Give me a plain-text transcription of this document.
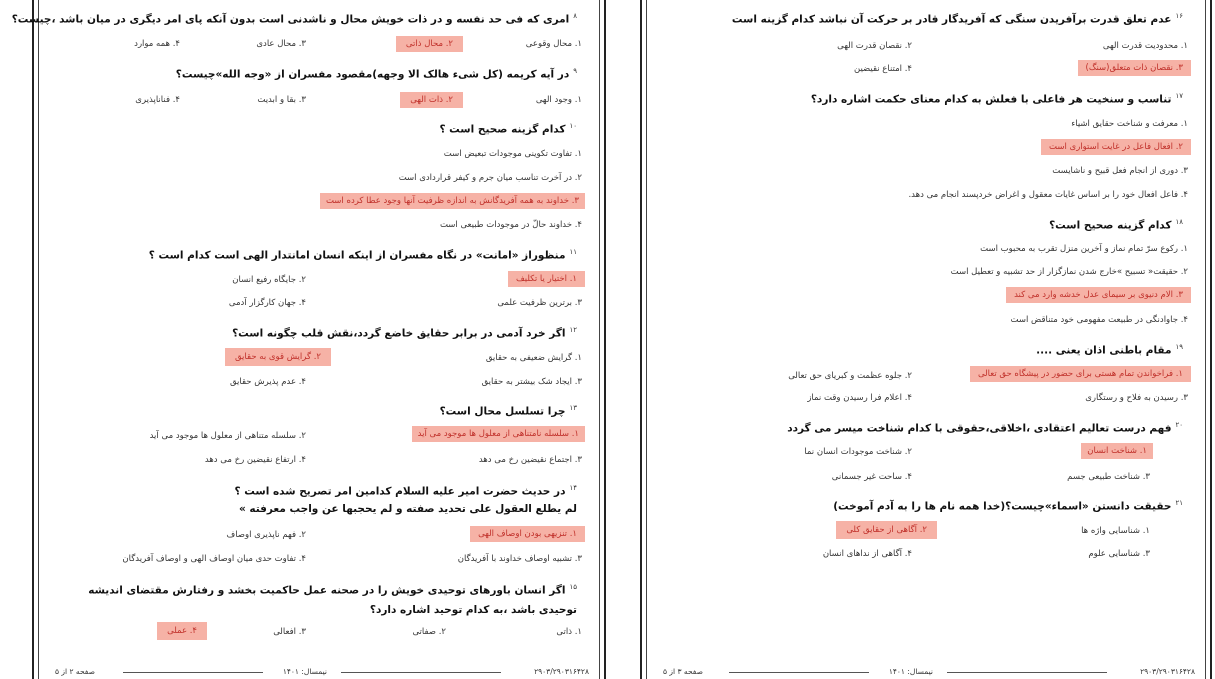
$^۸$امری که فی حد نفسه و در ذات خویش محال و ناشدنی است بدون آنکه پای امر دیگری در میان باشد ،چیست؟
۱. محال وقوعی
۲. محال ذاتی
۳. محال عادی
۴. همه موارد
$^۹$در آیه کریمه (کل شیء هالک الا وجهه)مقصود مفسران از «وجه الله»چیست؟
۱. وجود الهی
۲. ذات الهی
۳. بقا و ابدیت
۴. فناناپذیری
$^{۱۰}$کدام گزینه صحیح است ؟
۱. تفاوت تکوینی موجودات تبعیض است
۲. در آخرت تناسب میان جرم و کیفر قراردادی است
۳. خداوند به همه آفریدگانش به اندازه ظرفیت آنها وجود عطا کرده است
۴. خداوند حالّ در موجودات طبیعی است
$^{۱۱}$منظوراز «امانت» در نگاه مفسران از اینکه انسان امانتدار الهی است کدام است ؟
۱. اختیار یا تکلیف
۲. جایگاه رفیع انسان
۳. برترین ظرفیت علمی
۴. جهان کارگزار آدمی
$^{۱۲}$اگر خرد آدمی در برابر حقایق خاضع گردد،نقش قلب چگونه است؟
۱. گرایش ضعیفی به حقایق
۲. گرایش قوی به حقایق
۳. ایجاد شک بیشتر به حقایق
۴. عدم پذیرش حقایق
$^{۱۳}$چرا تسلسل محال است؟
۱. سلسله نامتناهی از معلول ها موجود می آید
۲. سلسله متناهی از معلول ها موجود می آید
۳. اجتماع نقیضین رخ می دهد
۴. ارتفاع نقیضین رخ می دهد
$^{۱۴}$در حدیث حضرت امیر علیه السلام کدامین امر تصریح شده است ؟
لم یطلع العقول علی تحدید صفته و لم یحجبها عن واجب معرفته »
۱. تنزیهی بودن اوصاف الهی
۲. فهم ناپذیری اوصاف
۳. تشبیه اوصاف خداوند با آفریدگان
۴. تفاوت حدی میان اوصاف الهی و اوصاف آفریدگان
$^{۱۵}$اگر انسان باورهای توحیدی خویش را در صحنه عمل حاکمیت بخشد و رفتارش مقتضای اندیشه توحیدی باشد ،به کدام توحید اشاره دارد؟
۱. ذاتی
۲. صفاتی
۳. افعالی
۴. عملی
۲۹۰۳/۲۹۰۳۱۶۴۲۸
نیمسال: ۱۴۰۱
صفحه ۲ از ۵
$^{۱۶}$عدم تعلق قدرت برآفریدن سنگی که آفریدگار قادر بر حرکت آن نباشد کدام گزینه است
۱. محدودیت قدرت الهی
۲. نقصان قدرت الهی
۳. نقصان ذات متعلق(سنگ)
۴. امتناع نقیضین
$^{۱۷}$تناسب و سنخیت هر فاعلی با فعلش به کدام معنای حکمت اشاره دارد؟
۱. معرفت و شناخت حقایق اشیاء
۲. افعال فاعل در غایت استواری است
۳. دوری از انجام فعل قبیح و ناشایست
۴. فاعل افعال خود را بر اساس غایات معقول و اغراض خردپسند انجام می دهد.
$^{۱۸}$کدام گزینه صحیح است؟
۱. رکوع سرّ تمام نماز و آخرین منزل تقرب به محبوب است
۲. حقیقت« تسبیح »خارج شدن نمازگزار از حد تشبیه و تعطیل است
۳. الام دنیوی بر سیمای عدل خدشه وارد می کند
۴. جاوادنگی در طبیعت مفهومی خود متناقض است
$^{۱۹}$مقام باطنی اذان یعنی ....
۱. فراخواندن تمام هستی برای حضور در پیشگاه حق تعالی
۲. جلوه عظمت و کبریای حق تعالی
۳. رسیدن به فلاح و رستگاری
۴. اعلام فرا رسیدن وقت نماز
$^{۲۰}$فهم درست تعالیم اعتقادی ،اخلاقی،حقوقی با کدام شناخت میسر می گردد
۱. شناخت انسان
۲. شناخت موجودات انسان نما
۳. شناخت طبیعی جسم
۴. ساحت غیر جسمانی
$^{۲۱}$حقیقت دانستن «اسماء»چیست؟(خدا همه نام ها را به آدم آموخت)
۱. شناسایی واژه ها
۲. آگاهی از حقایق کلی
۳. شناسایی علوم
۴. آگاهی از نداهای انسان
۲۹۰۳/۲۹۰۳۱۶۴۲۸
نیمسال: ۱۴۰۱
صفحه ۳ از ۵
